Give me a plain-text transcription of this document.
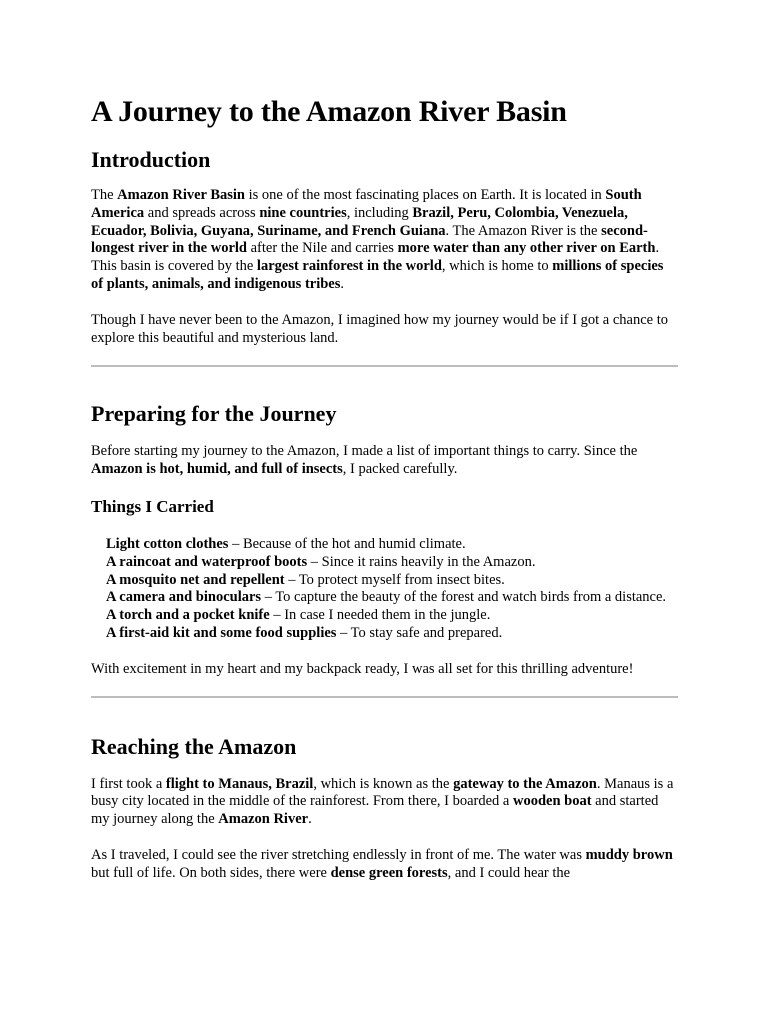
A Journey to the Amazon River Basin
Introduction

The Amazon River Basin is one of the most fascinating places on Earth. It is located in South America and spreads across nine countries, including Brazil, Peru, Colombia, Venezuela, Ecuador, Bolivia, Guyana, Suriname, and French Guiana. The Amazon River is the second-longest river in the world after the Nile and carries more water than any other river on Earth. This basin is covered by the largest rainforest in the world, which is home to millions of species of plants, animals, and indigenous tribes.

Though I have never been to the Amazon, I imagined how my journey would be if I got a chance to explore this beautiful and mysterious land.

Preparing for the Journey

Before starting my journey to the Amazon, I made a list of important things to carry. Since the Amazon is hot, humid, and full of insects, I packed carefully.

Things I Carried
Light cotton clothes – Because of the hot and humid climate.
A raincoat and waterproof boots – Since it rains heavily in the Amazon.
A mosquito net and repellent – To protect myself from insect bites.
A camera and binoculars – To capture the beauty of the forest and watch birds from a distance.
A torch and a pocket knife – In case I needed them in the jungle.
A first-aid kit and some food supplies – To stay safe and prepared.

With excitement in my heart and my backpack ready, I was all set for this thrilling adventure!

Reaching the Amazon

I first took a flight to Manaus, Brazil, which is known as the gateway to the Amazon. Manaus is a busy city located in the middle of the rainforest. From there, I boarded a wooden boat and started my journey along the Amazon River.

As I traveled, I could see the river stretching endlessly in front of me. The water was muddy brown but full of life. On both sides, there were dense green forests, and I could hear the
